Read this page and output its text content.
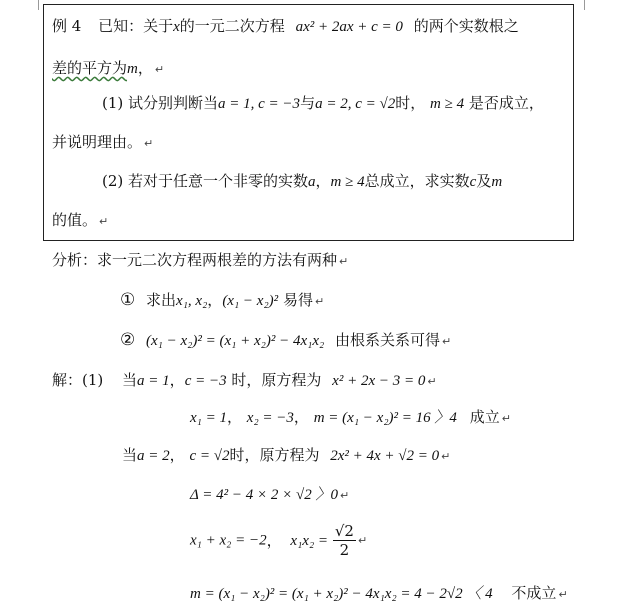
例 4 已知：关于x的一元二次方程 ax² + 2ax + c = 0 的两个实数根之
差的平方为m， ↵
(1) 试分别判断当a = 1, c = −3与a = 2, c = √2时， m ≥ 4 是否成立，
并说明理由。 ↵
(2) 若对于任意一个非零的实数a，m ≥ 4总成立，求实数c及m
的值。 ↵
分析：求一元二次方程两根差的方法有两种 ↵
① 求出x₁, x₂，(x₁ − x₂)² 易得 ↵
② (x₁ − x₂)² = (x₁ + x₂)² − 4x₁x₂ 由根系关系可得 ↵
解：(1) 当a = 1，c = −3 时，原方程为 x² + 2x − 3 = 0 ↵
x₁ = 1， x₂ = −3， m = (x₁ − x₂)² = 16 〉4 成立 ↵
当a = 2， c = √2时，原方程为 2x² + 4x + √2 = 0 ↵
Δ = 4² − 4 × 2 × √2 〉0 ↵
x₁ + x₂ = −2， $x_1x_2 = \frac{√2}{2}$ ↵
m = (x₁ − x₂)² = (x₁ + x₂)² − 4x₁x₂ = 4 − 2√2 〈 4 不成立 ↵
